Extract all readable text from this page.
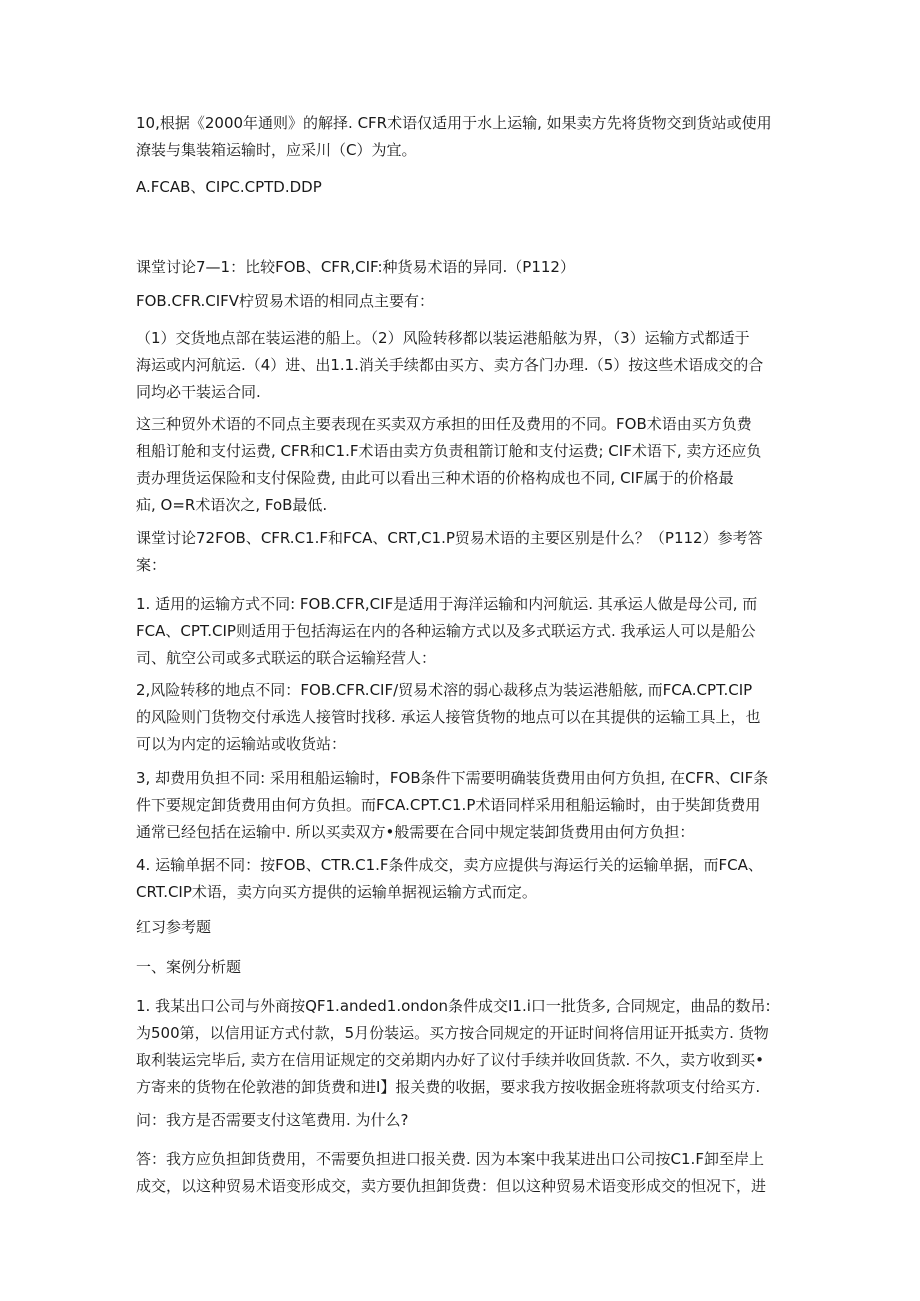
10,根据《2000年通则》的解择. CFR术语仅适用于水上运输, 如果卖方先将货物交到货站或使用
潦装与集装箱运输时，应采川（C）为宜。
A.FCAB、CIPC.CPTD.DDP
课堂讨论7—1：比较FOB、CFR,CIF:种货易术语的异同.（P112）
FOB.CFR.CIFV柠贸易术语的相同点主要有：
（1）交货地点部在装运港的船上。（2）风险转移都以装运港船舷为界，（3）运输方式都适于
海运或内河航运.（4）进、出1.1.消关手续都由买方、卖方各门办理.（5）按这些术语成交的合
同均必干装运合同.
这三种贸外术语的不同点主要表现在买卖双方承担的田任及费用的不同。FOB术语由买方负费
租船订舱和支付运费, CFR和C1.F术语由卖方负责租箭订舱和支付运费; CIF术语下, 卖方还应负
责办理货运保险和支付保险费, 由此可以看出三种术语的价格构成也不同, CIF属于的价格最
疝, O=R术语次之, FoB最低.
课堂讨论72FOB、CFR.C1.F和FCA、CRT,C1.P贸易术语的主要区别是什么？（P112）参考答
案：
1. 适用的运输方式不同: FOB.CFR,CIF是适用于海洋运输和内河航运. 其承运人做是母公司, 而
FCA、CPT.CIP则适用于包括海运在内的各种运输方式以及多式联运方式. 我承运人可以是船公
司、航空公司或多式联运的联合运输羟营人：
2,风险转移的地点不同：FOB.CFR.CIF/贸易术溶的弱心裁移点为装运港船舷, 而FCA.CPT.CIP
的风险则门货物交付承选人接管时找移. 承运人接管货物的地点可以在其提供的运输工具上，也
可以为内定的运输站或收货站：
3, 却费用负担不同: 采用租船运输时，FOB条件下需要明确装货费用由何方负担, 在CFR、CIF条
件下要规定卸货费用由何方负担。而FCA.CPT.C1.P术语同样采用租船运输时，由于奘卸货费用
通常已经包括在运输中. 所以买卖双方•般需要在合同中规定装卸货费用由何方负担：
4. 运输单据不同：按FOB、CTR.C1.F条件成交，卖方应提供与海运行关的运输单据，而FCA、
CRT.CIP术语，卖方向买方提供的运输单据视运输方式而定。
红习参考题
一、案例分析题
1. 我某出口公司与外商按QF1.anded1.ondon条件成交I1.i口一批货多, 合同规定，曲品的数吊:
为500第，以信用证方式付款，5月份装运。买方按合同规定的开证时间将信用证开抵卖方. 货物
取利装运完毕后, 卖方在信用证规定的交弟期内办好了议付手续并收回货款. 不久，卖方收到买•
方寄来的货物在伦敦港的卸货费和进I】报关费的收据，要求我方按收据金班将款项支付给买方.
问：我方是否需要支付这笔费用. 为什么?
答：我方应负担卸货费用，不需要负担进口报关费. 因为本案中我某进出口公司按C1.F卸至岸上
成交，以这种贸易术语变形成交，卖方要仇担卸货费：但以这种贸易术语变形成交的怛况下，进
